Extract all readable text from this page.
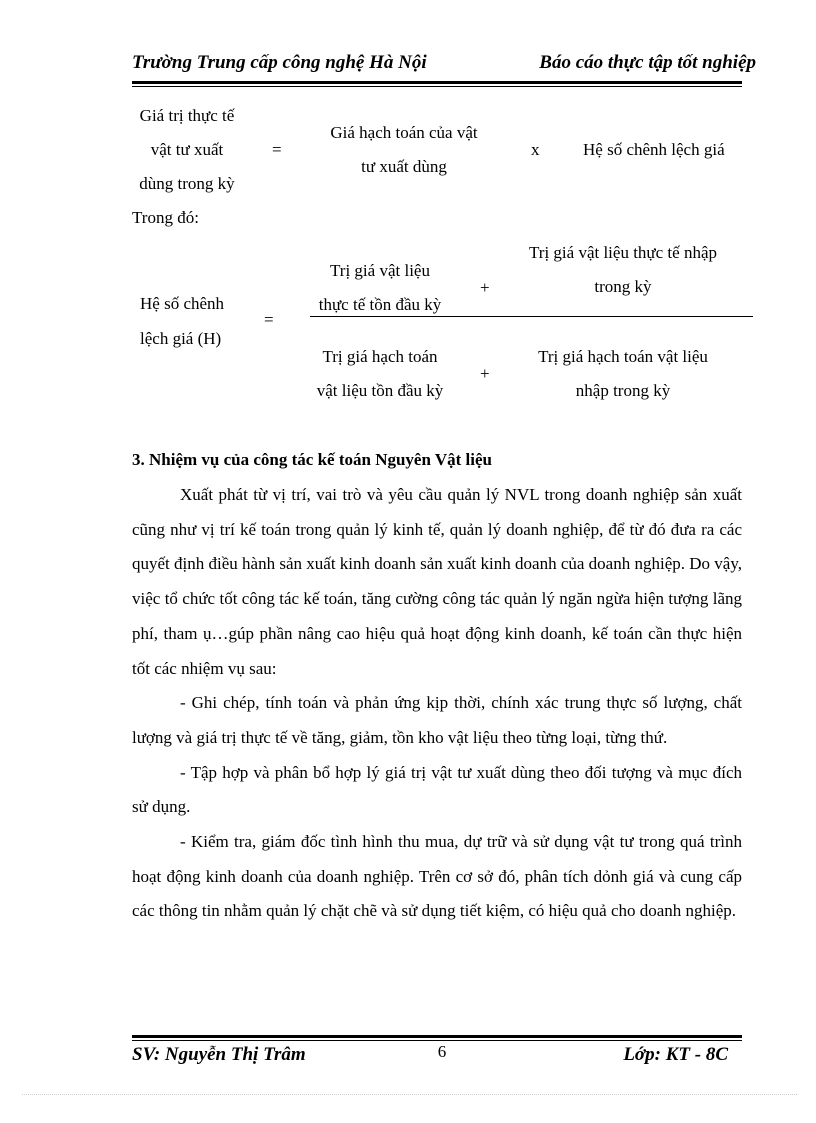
Trường Trung cấp công nghệ Hà Nội	Báo cáo thực tập tốt nghiệp
Giá trị thực tế
vật tư xuất
dùng trong kỳ
=
Giá hạch toán của vật
tư xuất dùng
x	Hệ số chênh lệch giá
Trong đó:
Hệ số chênh
lệch giá (H)
=
Trị giá vật liệu
thực tế tồn đầu kỳ
+
Trị giá vật liệu thực tế nhập
trong kỳ
Trị giá hạch toán
vật liệu tồn đầu kỳ
+
Trị giá hạch toán vật liệu
nhập trong kỳ
3. Nhiệm vụ của công tác kế toán Nguyên Vật liệu

Xuất phát từ vị trí, vai trò và yêu cầu quản lý NVL trong doanh nghiệp sản xuất cũng như vị trí kế toán trong quản lý kinh tế, quản lý doanh nghiệp, để từ đó đưa ra các quyết định điều hành sản xuất kinh doanh sản xuất kinh doanh của doanh nghiệp. Do vậy, việc tổ chức tốt công tác kế toán, tăng cường công tác quản lý ngăn ngừa hiện tượng lãng phí, tham ụ…gúp phần nâng cao hiệu quả hoạt động kinh doanh, kế toán cần thực hiện tốt các nhiệm vụ sau:

- Ghi chép, tính toán và phản ứng kịp thời, chính xác trung thực số lượng, chất lượng và giá trị thực tế về tăng, giảm, tồn kho vật liệu theo từng loại, từng thứ.

- Tập hợp và phân bổ hợp lý giá trị vật tư xuất dùng theo đối tượng và mục đích sử dụng.

- Kiểm tra, giám đốc tình hình thu mua, dự trữ và sử dụng vật tư trong quá trình hoạt động kinh doanh của doanh nghiệp. Trên cơ sở đó, phân tích dỏnh giá và cung cấp các thông tin nhằm quản lý chặt chẽ và sử dụng tiết kiệm, có hiệu quả cho doanh nghiệp.

SV: Nguyễn Thị Trâm	6	Lớp: KT - 8C
